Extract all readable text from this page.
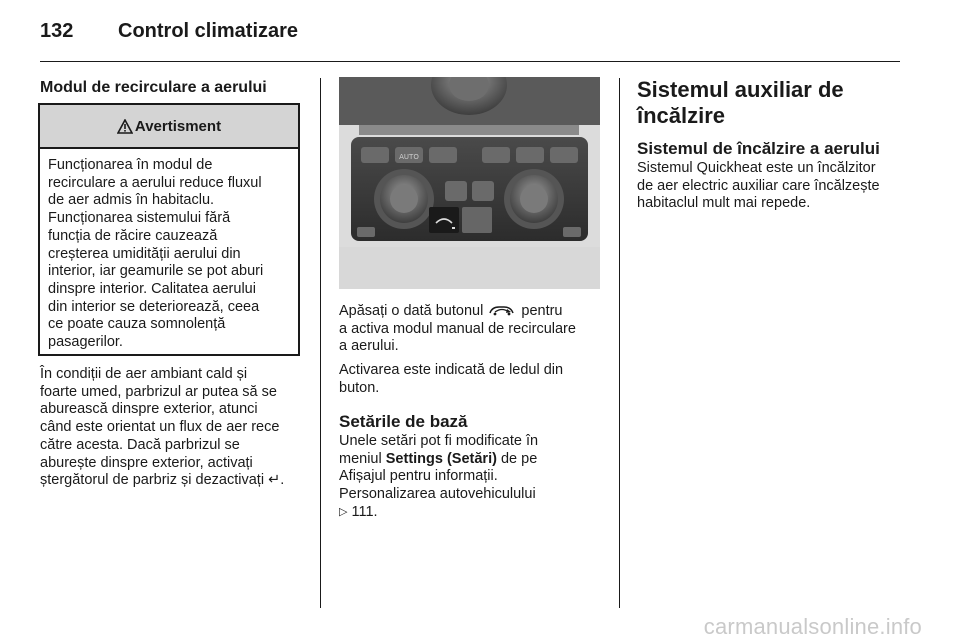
132 Control climatizare
Modul de recirculare a aerului
Avertisment
Funcționarea în modul de
recirculare a aerului reduce fluxul
de aer admis în habitaclu.
Funcționarea sistemului fără
funcția de răcire cauzează
creșterea umidității aerului din
interior, iar geamurile se pot aburi
dinspre interior. Calitatea aerului
din interior se deteriorează, ceea
ce poate cauza somnolență
pasagerilor.
În condiții de aer ambiant cald și
foarte umed, parbrizul ar putea să se
aburească dinspre exterior, atunci
când este orientat un flux de aer rece
către acesta. Dacă parbrizul se
aburește dinspre exterior, activați
ștergătorul de parbriz și dezactivați ↵.
AUTO
Apăsați o dată butonul	pentru
a activa modul manual de recirculare
a aerului.
Activarea este indicată de ledul din
buton.
Setările de bază
Unele setări pot fi modificate în
meniul Settings (Setări) de pe
Afișajul pentru informații.
Personalizarea autovehiculului
▷ 111.
Sistemul auxiliar de
încălzire
Sistemul de încălzire a aerului
Sistemul Quickheat este un încălzitor
de aer electric auxiliar care încălzește
habitaclul mult mai repede.
carmanualsonline.info
